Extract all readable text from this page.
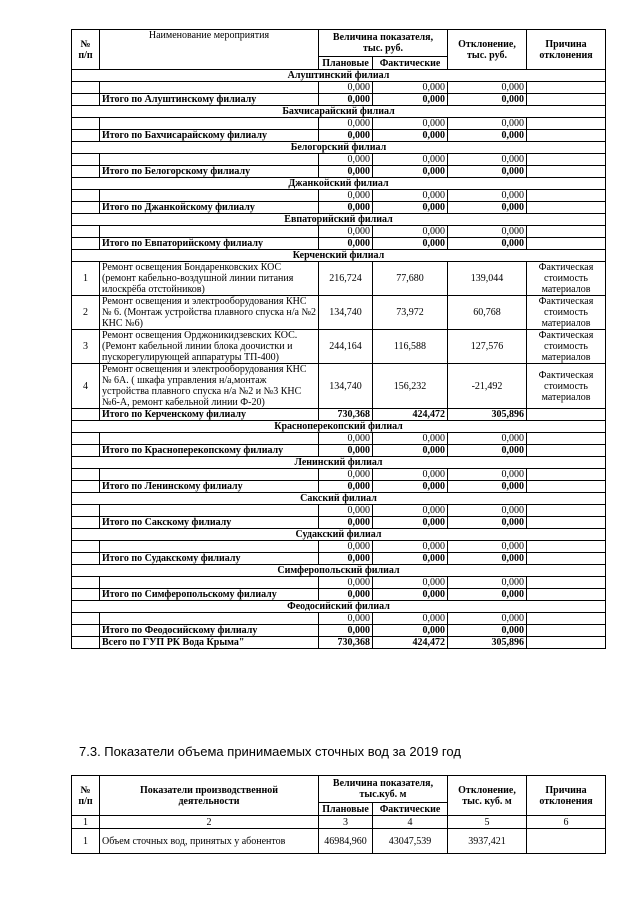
№
п/п	Наименование мероприятия	Величина показателя,
тыс. руб.		Отклонение,
тыс. руб.	Причина
отклонения
		Плановые	Фактические		
Алуштинский филиал					
		0,000	0,000	0,000	
	Итого по Алуштинскому филиалу	0,000	0,000	0,000	
Бахчисарайский филиал					
		0,000	0,000	0,000	
	Итого по Бахчисарайскому филиалу	0,000	0,000	0,000	
Белогорский филиал					
		0,000	0,000	0,000	
	Итого по Белогорскому филиалу	0,000	0,000	0,000	
Джанкойский филиал					
		0,000	0,000	0,000	
	Итого по Джанкойскому филиалу	0,000	0,000	0,000	
Евпаторийский филиал					
		0,000	0,000	0,000	
	Итого по Евпаторийскому филиалу	0,000	0,000	0,000	
Керченский филиал					
1	Ремонт освещения Бондаренковских КОС (ремонт кабельно-воздушной линии питания илоскрёба отстойников)	216,724	77,680	139,044	Фактическая стоимость материалов
2	Ремонт освещения и электрооборудования КНС № 6. (Монтаж устройства плавного спуска н/а №2 КНС №6)	134,740	73,972	60,768	Фактическая стоимость материалов
3	Ремонт освещения Орджоникидзевских КОС. (Ремонт кабельной линии блока доочистки и пускорегулирующей аппаратуры ТП-400)	244,164	116,588	127,576	Фактическая стоимость материалов
4	Ремонт освещения и электрооборудования КНС № 6А. ( шкафа управления н/а,монтаж устройства плавного спуска н/а №2 и №3 КНС №6-А, ремонт кабельной линии Ф-20)	134,740	156,232	-21,492	Фактическая стоимость материалов
	Итого по Керченскому филиалу	730,368	424,472	305,896	
Красноперекопский филиал					
		0,000	0,000	0,000	
	Итого по Красноперекопскому филиалу	0,000	0,000	0,000	
Ленинский филиал					
		0,000	0,000	0,000	
	Итого по Ленинскому филиалу	0,000	0,000	0,000	
Сакский филиал					
		0,000	0,000	0,000	
	Итого по Сакскому филиалу	0,000	0,000	0,000	
Судакский филиал					
		0,000	0,000	0,000	
	Итого по Судакскому филиалу	0,000	0,000	0,000	
Симферопольский филиал					
		0,000	0,000	0,000	
	Итого по Симферопольскому филиалу	0,000	0,000	0,000	
Феодосийский филиал					
		0,000	0,000	0,000	
	Итого по Феодосийскому филиалу	0,000	0,000	0,000	
	Всего по ГУП РК Вода Крыма"	730,368	424,472	305,896	
7.3. Показатели объема принимаемых сточных вод за 2019 год
№
п/п	Показатели производственной
деятельности	Величина показателя,
тыс.куб. м		Отклонение,
тыс. куб. м	Причина
отклонения
		Плановые	Фактические		
1	2	3	4	5	6
1	Объем сточных вод, принятых у абонентов	46984,960	43047,539	3937,421	
